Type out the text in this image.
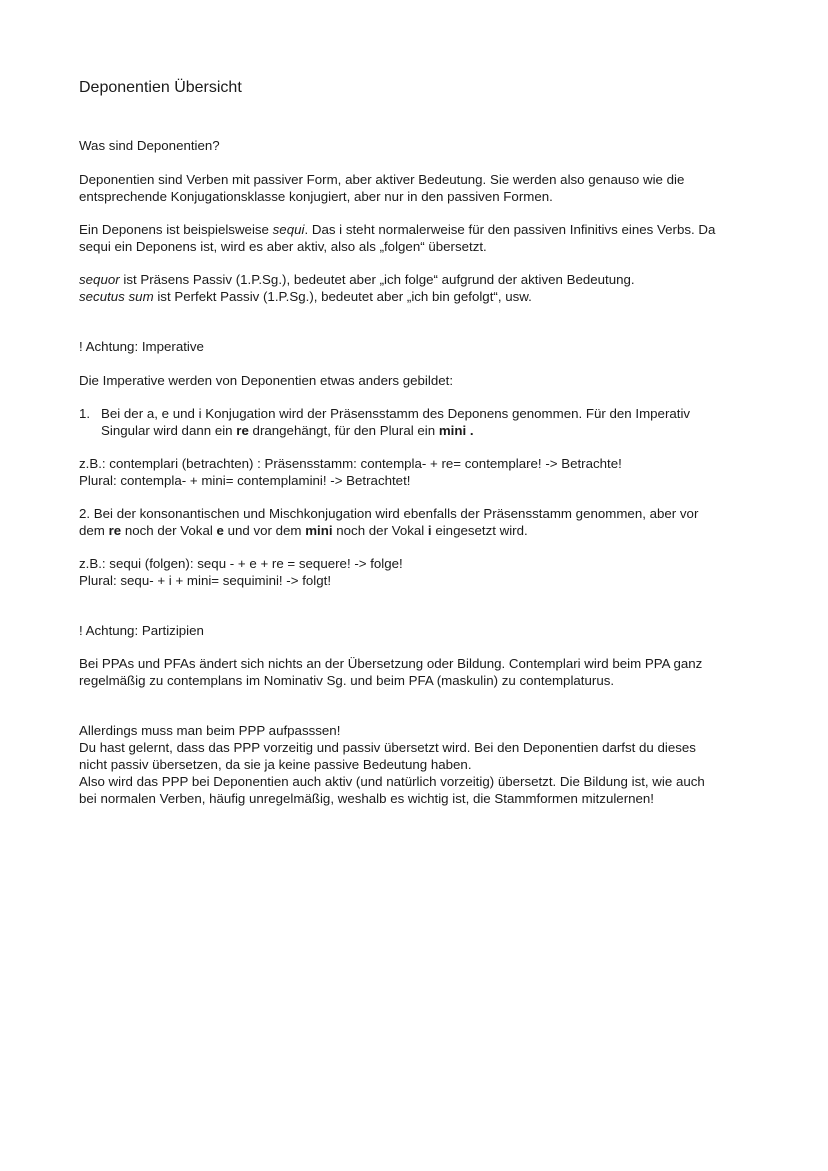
Deponentien Übersicht

Was sind Deponentien?

Deponentien sind Verben mit passiver Form, aber aktiver Bedeutung. Sie werden also genauso wie die
entsprechende Konjugationsklasse konjugiert, aber nur in den passiven Formen.

Ein Deponens ist beispielsweise sequi. Das i steht normalerweise für den passiven Infinitivs eines Verbs. Da
sequi ein Deponens ist, wird es aber aktiv, also als „folgen“ übersetzt.

sequor ist Präsens Passiv (1.P.Sg.), bedeutet aber „ich folge“ aufgrund der aktiven Bedeutung.
secutus sum ist Perfekt Passiv (1.P.Sg.), bedeutet aber „ich bin gefolgt“, usw.

! Achtung: Imperative

Die Imperative werden von Deponentien etwas anders gebildet:

1. Bei der a, e und i Konjugation wird der Präsensstamm des Deponens genommen. Für den Imperativ
Singular wird dann ein re drangehängt, für den Plural ein mini .

z.B.: contemplari (betrachten) : Präsensstamm: contempla- + re= contemplare! -> Betrachte!
Plural: contempla- + mini= contemplamini! -> Betrachtet!

2. Bei der konsonantischen und Mischkonjugation wird ebenfalls der Präsensstamm genommen, aber vor
dem re noch der Vokal e und vor dem mini noch der Vokal i eingesetzt wird.

z.B.: sequi (folgen): sequ - + e + re = sequere! -> folge!
Plural: sequ- + i + mini= sequimini! -> folgt!

! Achtung: Partizipien

Bei PPAs und PFAs ändert sich nichts an der Übersetzung oder Bildung. Contemplari wird beim PPA ganz
regelmäßig zu contemplans im Nominativ Sg. und beim PFA (maskulin) zu contemplaturus.

Allerdings muss man beim PPP aufpasssen!
Du hast gelernt, dass das PPP vorzeitig und passiv übersetzt wird. Bei den Deponentien darfst du dieses
nicht passiv übersetzen, da sie ja keine passive Bedeutung haben.
Also wird das PPP bei Deponentien auch aktiv (und natürlich vorzeitig) übersetzt. Die Bildung ist, wie auch
bei normalen Verben, häufig unregelmäßig, weshalb es wichtig ist, die Stammformen mitzulernen!
